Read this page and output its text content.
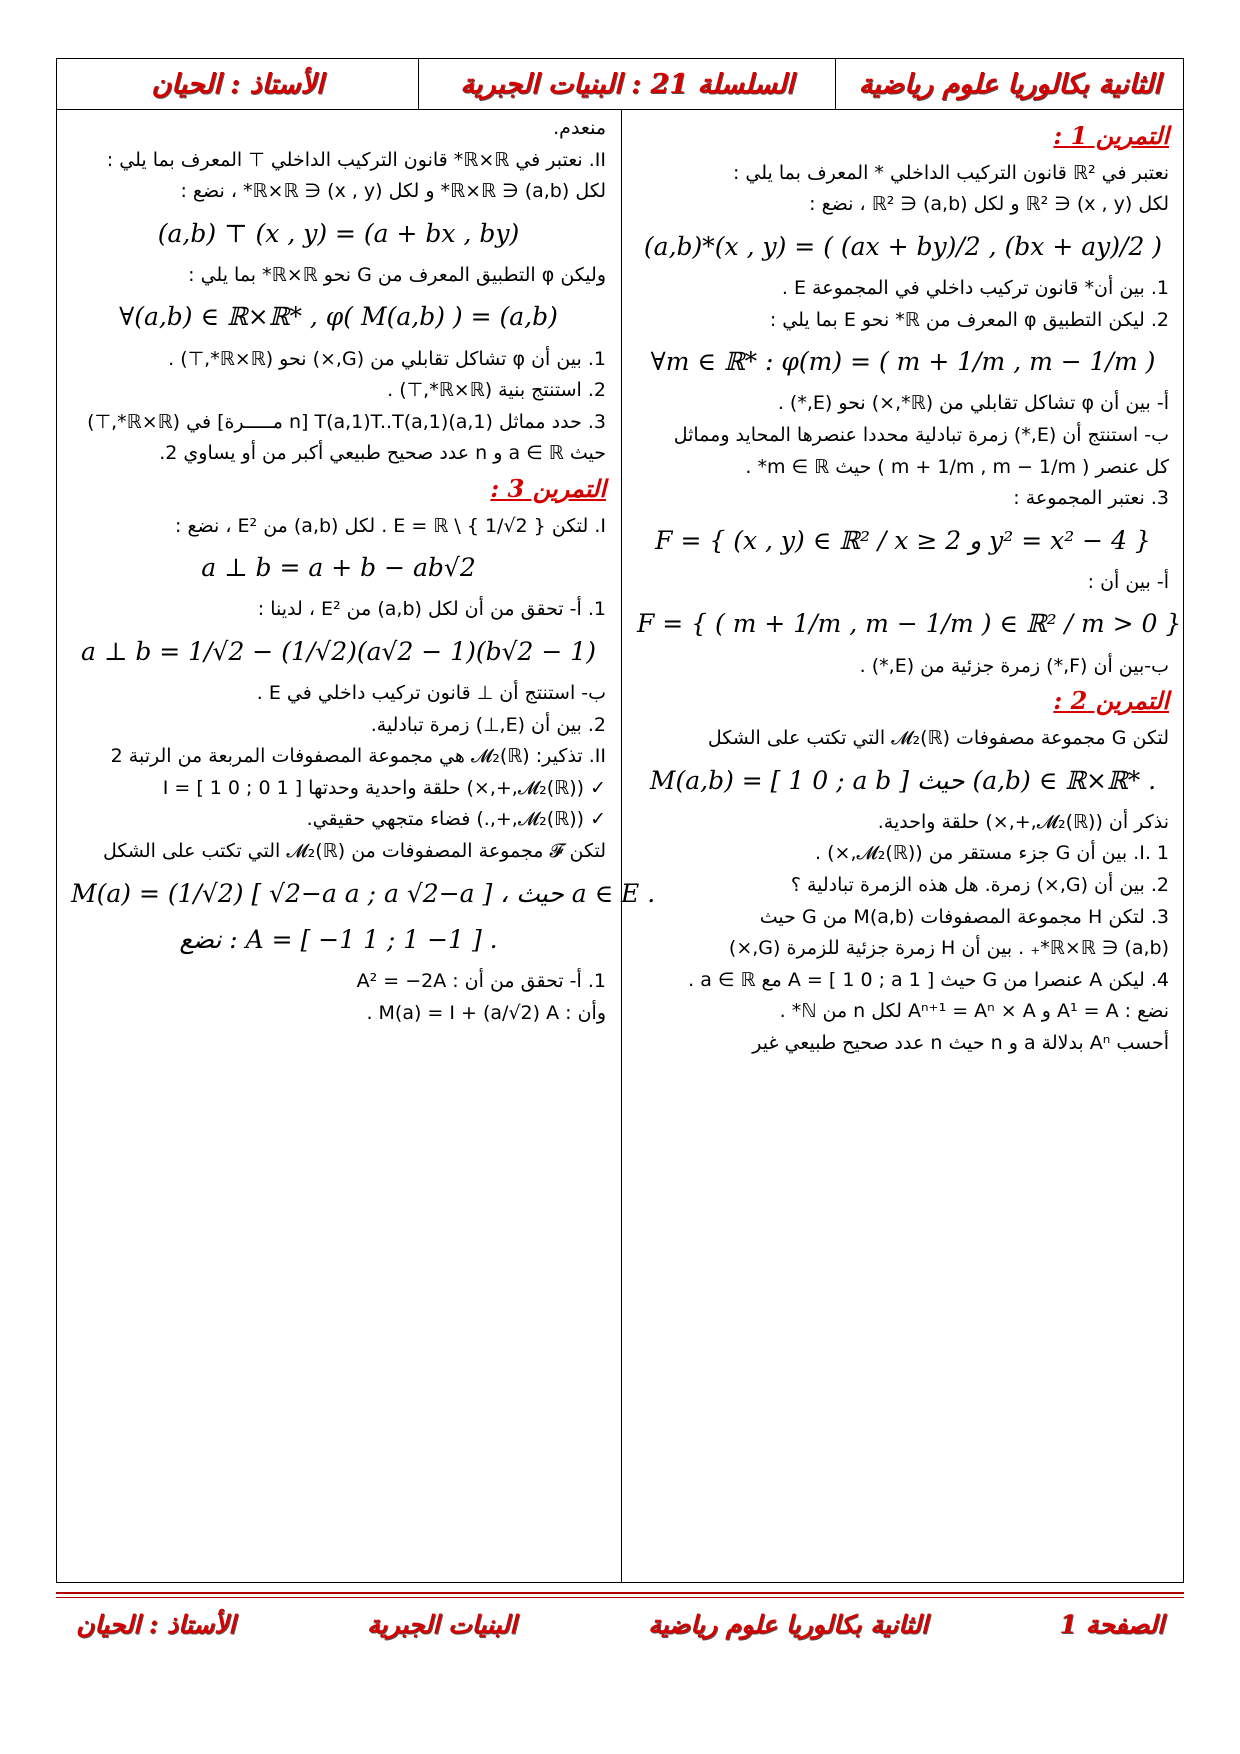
الثانية بكالوريا علوم رياضية
السلسلة 21 : البنيات الجبرية
الأستاذ : الحيان
التمرين 1 :
نعتبر في ℝ² قانون التركيب الداخلي * المعرف بما يلي :
لكل (x , y) ∈ ℝ² و لكل (a,b) ∈ ℝ² ، نضع :
(a,b)*(x , y) = ( (ax + by)/2 , (bx + ay)/2 )
1. بين أن* قانون تركيب داخلي في المجموعة E .
2. ليكن التطبيق φ المعرف من ℝ* نحو E بما يلي :
∀m ∈ ℝ* : φ(m) = ( m + 1/m , m − 1/m )
أ- بين أن φ تشاكل تقابلي من (ℝ*,×) نحو (E,*) .
ب- استنتج أن (E,*) زمرة تبادلية محددا عنصرها المحايد ومماثل
كل عنصر ( m + 1/m , m − 1/m ) حيث m ∈ ℝ* .
3. نعتبر المجموعة :
F = { (x , y) ∈ ℝ² / x ≥ 2 و y² = x² − 4 }
أ- بين أن :
F = { ( m + 1/m , m − 1/m ) ∈ ℝ² / m > 0 }
ب-بين أن (F,*) زمرة جزئية من (E,*) .
التمرين 2 :
لتكن G مجموعة مصفوفات 𝓜₂(ℝ) التي تكتب على الشكل
M(a,b) = [ 1 0 ; a b ] حيث (a,b) ∈ ℝ×ℝ* .
نذكر أن (𝓜₂(ℝ),+,×) حلقة واحدية.
I. 1. بين أن G جزء مستقر من (𝓜₂(ℝ),×) .
2. بين أن (G,×) زمرة. هل هذه الزمرة تبادلية ؟
3. لتكن H مجموعة المصفوفات M(a,b) من G حيث
(a,b) ∈ ℝ×ℝ*₊ . بين أن H زمرة جزئية للزمرة (G,×)
4. ليكن A عنصرا من G حيث A = [ 1 0 ; a 1 ] مع a ∈ ℝ .
نضع : A¹ = A و Aⁿ⁺¹ = Aⁿ × A لكل n من ℕ* .
أحسب Aⁿ بدلالة a و n حيث n عدد صحيح طبيعي غير
منعدم.
II. نعتبر في ℝ×ℝ* قانون التركيب الداخلي ⊤ المعرف بما يلي :
لكل (a,b) ∈ ℝ×ℝ* و لكل (x , y) ∈ ℝ×ℝ* ، نضع :
(a,b) ⊤ (x , y) = (a + bx , by)
وليكن φ التطبيق المعرف من G نحو ℝ×ℝ* بما يلي :
∀(a,b) ∈ ℝ×ℝ* , φ( M(a,b) ) = (a,b)
1. بين أن φ تشاكل تقابلي من (G,×) نحو (ℝ×ℝ*,⊤) .
2. استنتج بنية (ℝ×ℝ*,⊤) .
3. حدد مماثل (a,1)T(a,1)T..T(a,1) [n مـــــرة] في (ℝ×ℝ*,⊤)
حيث a ∈ ℝ و n عدد صحيح طبيعي أكبر من أو يساوي 2.
التمرين 3 :
I. لتكن E = ℝ \ { 1/√2 } . لكل (a,b) من E² ، نضع :
a ⊥ b = a + b − ab√2
1. أ- تحقق من أن لكل (a,b) من E² ، لدينا :
a ⊥ b = 1/√2 − (1/√2)(a√2 − 1)(b√2 − 1)
ب- استنتج أن ⊥ قانون تركيب داخلي في E .
2. بين أن (E,⊥) زمرة تبادلية.
II. تذكير: 𝓜₂(ℝ) هي مجموعة المصفوفات المربعة من الرتبة 2
✓ (𝓜₂(ℝ),+,×) حلقة واحدية وحدتها I = [ 1 0 ; 0 1 ]
✓ (𝓜₂(ℝ),+,.) فضاء متجهي حقيقي.
لتكن 𝓕 مجموعة المصفوفات من 𝓜₂(ℝ) التي تكتب على الشكل
M(a) = (1/√2) [ √2−a a ; a √2−a ] ، حيث a ∈ E .
نضع : A = [ −1 1 ; 1 −1 ] .
1. أ- تحقق من أن : A² = −2A
وأن : M(a) = I + (a/√2) A .
الصفحة 1
الثانية بكالوريا علوم رياضية
البنيات الجبرية
الأستاذ : الحيان
